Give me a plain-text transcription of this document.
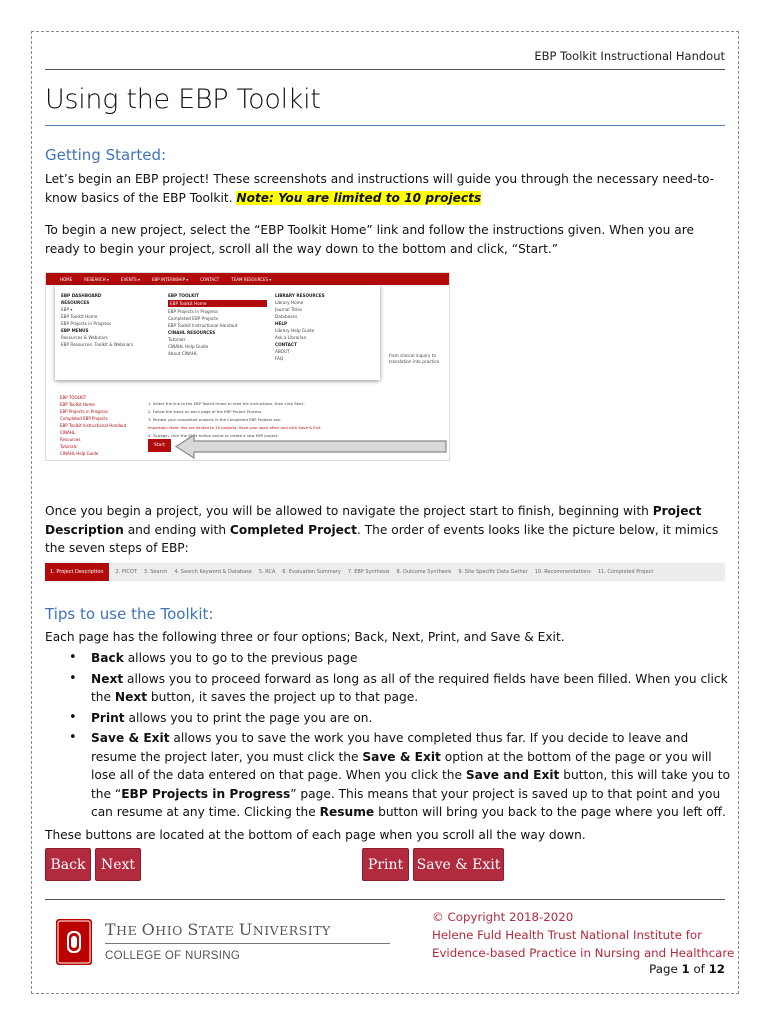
EBP Toolkit Instructional Handout
Using the EBP Toolkit
Getting Started:

Let’s begin an EBP project! These screenshots and instructions will guide you through the necessary need-to-know basics of the EBP Toolkit. Note: You are limited to 10 projects

To begin a new project, select the “EBP Toolkit Home” link and follow the instructions given. When you are ready to begin your project, scroll all the way down to the bottom and click, “Start.”

HOME	RESEARCH ▾	EVENTS ▾	EBP INTERNSHIP ▾	CONTACT	TEAM RESOURCES ▾
EBP DASHBOARD
RESOURCES
EBP ▾
EBP Toolkit Home
EBP Projects in Progress
EBP MENUS
Resources & Webinars
EBP Resources: Toolkit & Webinars
EBP TOOLKIT
EBP Toolkit Home
EBP Projects in Progress
Completed EBP Projects
EBP Toolkit Instructional Handout
CINAHL RESOURCES
Tutorials
CINAHL Help Guide
About CINAHL
LIBRARY RESOURCES
Library Home
Journal Titles
Databases
HELP
Library Help Guide
Ask a Librarian
CONTACT
ABOUT
FAQ
from clinical inquiry to
translation into practice
EBP TOOLKIT
EBP Toolkit Home
EBP Projects in Progress
Completed EBP Projects
EBP Toolkit Instructional Handout
CINAHL
Resources
Tutorials
CINAHL Help Guide
1. Select the link to the EBP Toolkit Home to read the instructions, then click Start.
2. Follow the steps on each page of the EBP Project Process.
3. Review your completed projects in the Completed EBP Projects tab.
Important: Note: You are limited to 10 projects. Save your work often and click Save & Exit.
4. To begin, click the Start button below to create a new EBP project.
Start

Once you begin a project, you will be allowed to navigate the project start to finish, beginning with Project Description and ending with Completed Project. The order of events looks like the picture below, it mimics the seven steps of EBP:

1. Project Description	2. PICOT 3. Search 4. Search Keyword & Database 5. RCA 6. Evaluation Summary 7. EBP Synthesis 8. Outcome Synthesis 9. Site Specific Data Gather 10. Recommendations 11. Completed Project
Tips to use the Toolkit:

Each page has the following three or four options; Back, Next, Print, and Save & Exit.

• Back allows you to go to the previous page
• Next allows you to proceed forward as long as all of the required fields have been filled. When you click the Next button, it saves the project up to that page.
• Print allows you to print the page you are on.
• Save & Exit allows you to save the work you have completed thus far. If you decide to leave and resume the project later, you must click the Save & Exit option at the bottom of the page or you will lose all of the data entered on that page. When you click the Save and Exit button, this will take you to the “EBP Projects in Progress” page. This means that your project is saved up to that point and you can resume at any time. Clicking the Resume button will bring you back to the page where you left off.

These buttons are located at the bottom of each page when you scroll all the way down.

Back	Next	Print Save & Exit
THE OHIO STATE UNIVERSITY
COLLEGE OF NURSING
© Copyright 2018-2020
Helene Fuld Health Trust National Institute for
Evidence-based Practice in Nursing and Healthcare
Page 1 of 12
